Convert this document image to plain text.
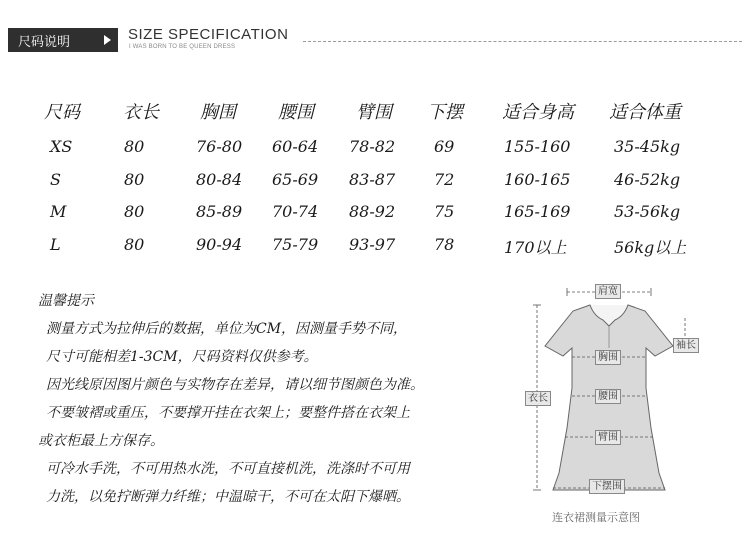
尺码说明	SIZE SPECIFICATION
I WAS BORN TO BE QUEEN DRESS
尺码 衣长 胸围 腰围 臂围 下摆 适合身高 适合体重
XS	80	76-80 60-64 78-82 69	155-160	35-45kg
S	80	80-84 65-69 83-87 72	160-165	46-52kg
M	80	85-89 70-74 88-92 75	165-169	53-56kg
L	80	90-94 75-79 93-97 78	170以上	56kg以上
温馨提示
测量方式为拉伸后的数据，单位为CM，因测量手势不同，
尺寸可能相差1-3CM，尺码资料仅供参考。
因光线原因图片颜色与实物存在差异，请以细节图颜色为准。
不要皱褶或重压，不要撑开挂在衣架上；要整件搭在衣架上
或衣柜最上方保存。
可冷水手洗，不可用热水洗，不可直接机洗，洗涤时不可用
力洗，以免拧断弹力纤维；中温晾干，不可在太阳下爆晒。
肩宽
袖长
胸围
腰围
衣长
臂围
下摆围
连衣裙测量示意图
